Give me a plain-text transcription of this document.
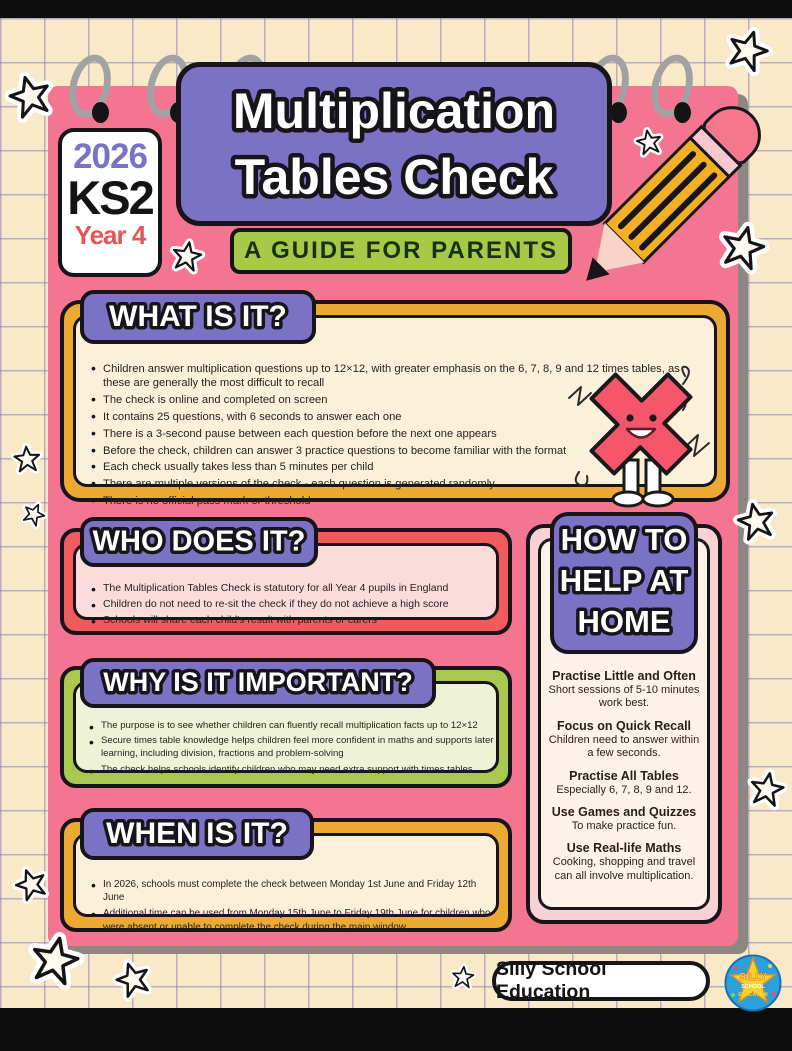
Multiplication
Tables Check
2026
KS2
Year 4
A GUIDE FOR PARENTS
• Children answer multiplication questions up to 12×12, with greater emphasis on the 6, 7, 8, 9 and 12 times tables, as these are generally the most difficult to recall
• The check is online and completed on screen
• It contains 25 questions, with 6 seconds to answer each one
• There is a 3-second pause between each question before the next one appears
• Before the check, children can answer 3 practice questions to become familiar with the format
• Each check usually takes less than 5 minutes per child
• There are multiple versions of the check - each question is generated randomly
• There is no official pass mark or threshold
WHAT IS IT?
• The Multiplication Tables Check is statutory for all Year 4 pupils in England
• Children do not need to re-sit the check if they do not achieve a high score
• Schools will share each child's result with parents or carers
WHO DOES IT?
• The purpose is to see whether children can fluently recall multiplication facts up to 12×12
• Secure times table knowledge helps children feel more confident in maths and supports later learning, including division, fractions and problem-solving
• The check helps schools identify children who may need extra support with times tables
WHY IS IT IMPORTANT?
• In 2026, schools must complete the check between Monday 1st June and Friday 12th June
• Additional time can be used from Monday 15th June to Friday 19th June for children who were absent or unable to complete the check during the main window
WHEN IS IT?
Practise Little and Often
Short sessions of 5-10 minutes work best.
Focus on Quick Recall
Children need to answer within a few seconds.
Practise All Tables
Especially 6, 7, 8, 9 and 12.
Use Games and Quizzes
To make practice fun.
Use Real-life Maths
Cooking, shopping and travel can all involve multiplication.
HOW TO
HELP AT
HOME
Silly School Education
SILLY
SCHOOL
EDUCATION
